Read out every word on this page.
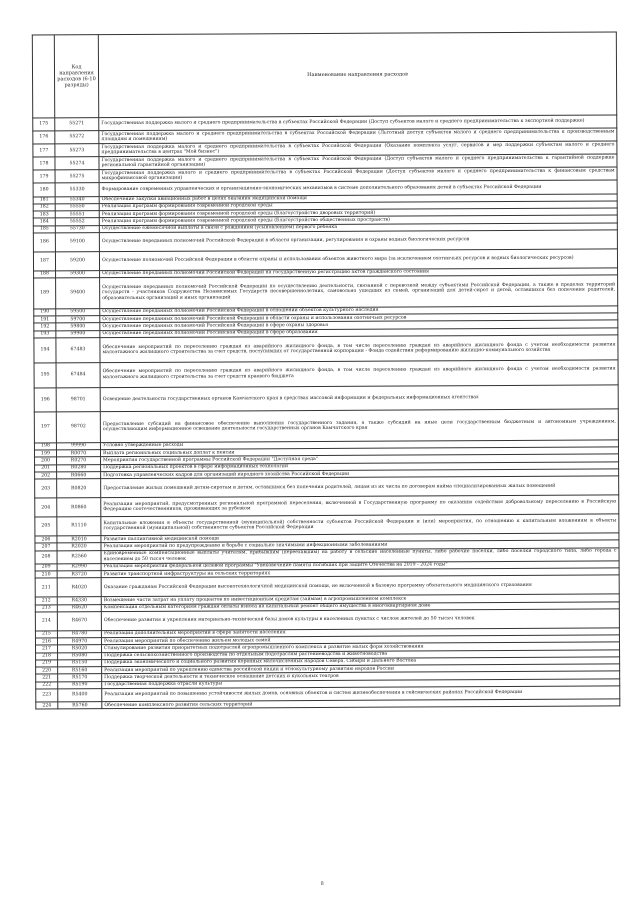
	Код направления расходов (6-10 разряды)	Наименование направления расходов
175	55271	Государственная поддержка малого и среднего предпринимательства в субъектах Российской Федерации (Доступ субъектов малого и среднего предпринимательства к экспортной поддержке)
176	55272	Государственная поддержка малого и среднего предпринимательства в субъектах Российской Федерации (Льготный доступ субъектов малого и среднего предпринимательства к производственным площадям и помещениям)
177	55273	Государственная поддержка малого и среднего предпринимательства в субъектах Российской Федерации (Оказание комплекса услуг, сервисов и мер поддержки субъектам малого и среднего предпринимательства в центрах "Мой бизнес")
178	55274	Государственная поддержка малого и среднего предпринимательства в субъектах Российской Федерации (Доступ субъектов малого и среднего предпринимательства к гарантийной поддержке региональной гарантийной организации)
179	55275	Государственная поддержка малого и среднего предпринимательства в субъектах Российской Федерации (Доступ субъектов малого и среднего предпринимательства к финансовым средствам микрофинансовой организации)
180	55330	Формирование современных управленческих и организационно-экономических механизмов в системе дополнительного образования детей в субъектах Российской Федерации
181	55340	Обеспечение закупки авиационных работ в целях оказания медицинской помощи
182	55550	Реализация программ формирования современной городской среды
183	55551	Реализация программ формирования современной городской среды (Благоустройство дворовых территорий)
184	55552	Реализация программ формирования современной городской среды (Благоустройство общественных пространств)
185	55730	Осуществление ежемесячной выплаты в связи с рождением (усыновлением) первого ребенка
186	59100	Осуществление переданных полномочий Российской Федерации в области организации, регулирования и охраны водных биологических ресурсов
187	59200	Осуществление полномочий Российской Федерации в области охраны и использования объектов животного мира (за исключением охотничьих ресурсов и водных биологических ресурсов)
188	59300	Осуществление переданных полномочий Российской Федерации на государственную регистрацию актов гражданского состояния
189	59400	Осуществление переданных полномочий Российской Федерации по осуществлению деятельности, связанной с перевозкой между субъектами Российской Федерации, а также в пределах территорий государств - участников Содружества Независимых Государств несовершеннолетних, самовольно ушедших из семей, организаций для детей-сирот и детей, оставшихся без попечения родителей, образовательных организаций и иных организаций
190	59500	Осуществление переданных полномочий Российской Федерации в отношении объектов культурного наследия
191	59700	Осуществление переданных полномочий Российской Федерации в области охраны и использования охотничьих ресурсов
192	59800	Осуществление переданных полномочий Российской Федерации в сфере охраны здоровья
193	59900	Осуществление переданных полномочий Российской Федерации в сфере образования
194	67483	Обеспечение мероприятий по переселению граждан из аварийного жилищного фонда, в том числе переселению граждан из аварийного жилищного фонда с учетом необходимости развития малоэтажного жилищного строительства за счет средств, поступивших от государственной корпорации - Фонда содействия реформированию жилищно-коммунального хозяйства
195	67484	Обеспечение мероприятий по переселению граждан из аварийного жилищного фонда, в том числе переселению граждан из аварийного жилищного фонда с учетом необходимости развития малоэтажного жилищного строительства за счет средств краевого бюджета
196	98701	Освещение деятельности государственных органов Камчатского края в средствах массовой информации и федеральных информационных агентствах
197	98702	Предоставление субсидий на финансовое обеспечение выполнения государственного задания, а также субсидий на иные цели государственным бюджетным и автономным учреждениям, осуществляющим информационное освещение деятельности государственных органов Камчатского края
198	99990	Условно утвержденные расходы
199	R0070	Выплата региональных социальных доплат к пенсии
200	R0270	Мероприятия государственной программы Российской Федерации "Доступная среда"
201	R0280	Поддержка региональных проектов в сфере информационных технологий
202	R0660	Подготовка управленческих кадров для организаций народного хозяйства Российской Федерации
203	R0820	Предоставление жилых помещений детям-сиротам и детям, оставшимся без попечения родителей, лицам из их числа по договорам найма специализированных жилых помещений
204	R0860	Реализация мероприятий, предусмотренных региональной программой переселения, включенной в Государственную программу по оказанию содействия добровольному переселению в Российскую Федерацию соотечественников, проживающих за рубежом
205	R1110	Капитальные вложения в объекты государственной (муниципальной) собственности субъектов Российской Федерации и (или) мероприятия, по отношению к капитальным вложениям в объекты государственной (муниципальной) собственности субъектов Российской Федерации
206	R2010	Развитие паллиативной медицинской помощи
207	R2020	Реализация мероприятий по предупреждению и борьбе с социально значимыми инфекционными заболеваниями
208	R2560	Единовременные компенсационные выплаты учителям, прибывшим (переехавшим) на работу в сельские населенные пункты, либо рабочие поселки, либо поселки городского типа, либо города с населением до 50 тысяч человек
209	R2990	Реализация мероприятий федеральной целевой программы "Увековечение памяти погибших при защите Отечества на 2019 - 2024 годы"
210	R3720	Развитие транспортной инфраструктуры на сельских территориях
211	R4020	Оказание гражданам Российской Федерации высокотехнологичной медицинской помощи, не включенной в базовую программу обязательного медицинского страхования
212	R4330	Возмещение части затрат на уплату процентов по инвестиционным кредитам (займам) в агропромышленном комплексе
213	R4620	Компенсация отдельным категориям граждан оплаты взноса на капитальный ремонт общего имущества в многоквартирном доме
214	R4670	Обеспечение развития и укрепления материально-технической базы домов культуры в населенных пунктах с числом жителей до 50 тысяч человек
215	R4780	Реализация дополнительных мероприятий в сфере занятости населения
216	R4970	Реализация мероприятий по обеспечению жильем молодых семей
217	R5020	Стимулирование развития приоритетных подотраслей агропромышленного комплекса и развитие малых форм хозяйствования
218	R5080	Поддержка сельскохозяйственного производства по отдельным подотраслям растениеводства и животноводства
219	R5150	Поддержка экономического и социального развития коренных малочисленных народов Севера, Сибири и Дальнего Востока
220	R5160	Реализация мероприятий по укреплению единства российской нации и этнокультурному развитию народов России
221	R5170	Поддержка творческой деятельности и техническое оснащение детских и кукольных театров
222	R5190	Государственная поддержка отрасли культуры
223	R5400	Реализация мероприятий по повышению устойчивости жилых домов, основных объектов и систем жизнеобеспечения в сейсмических районах Российской Федерации
224	R5760	Обеспечение комплексного развития сельских территорий
8
